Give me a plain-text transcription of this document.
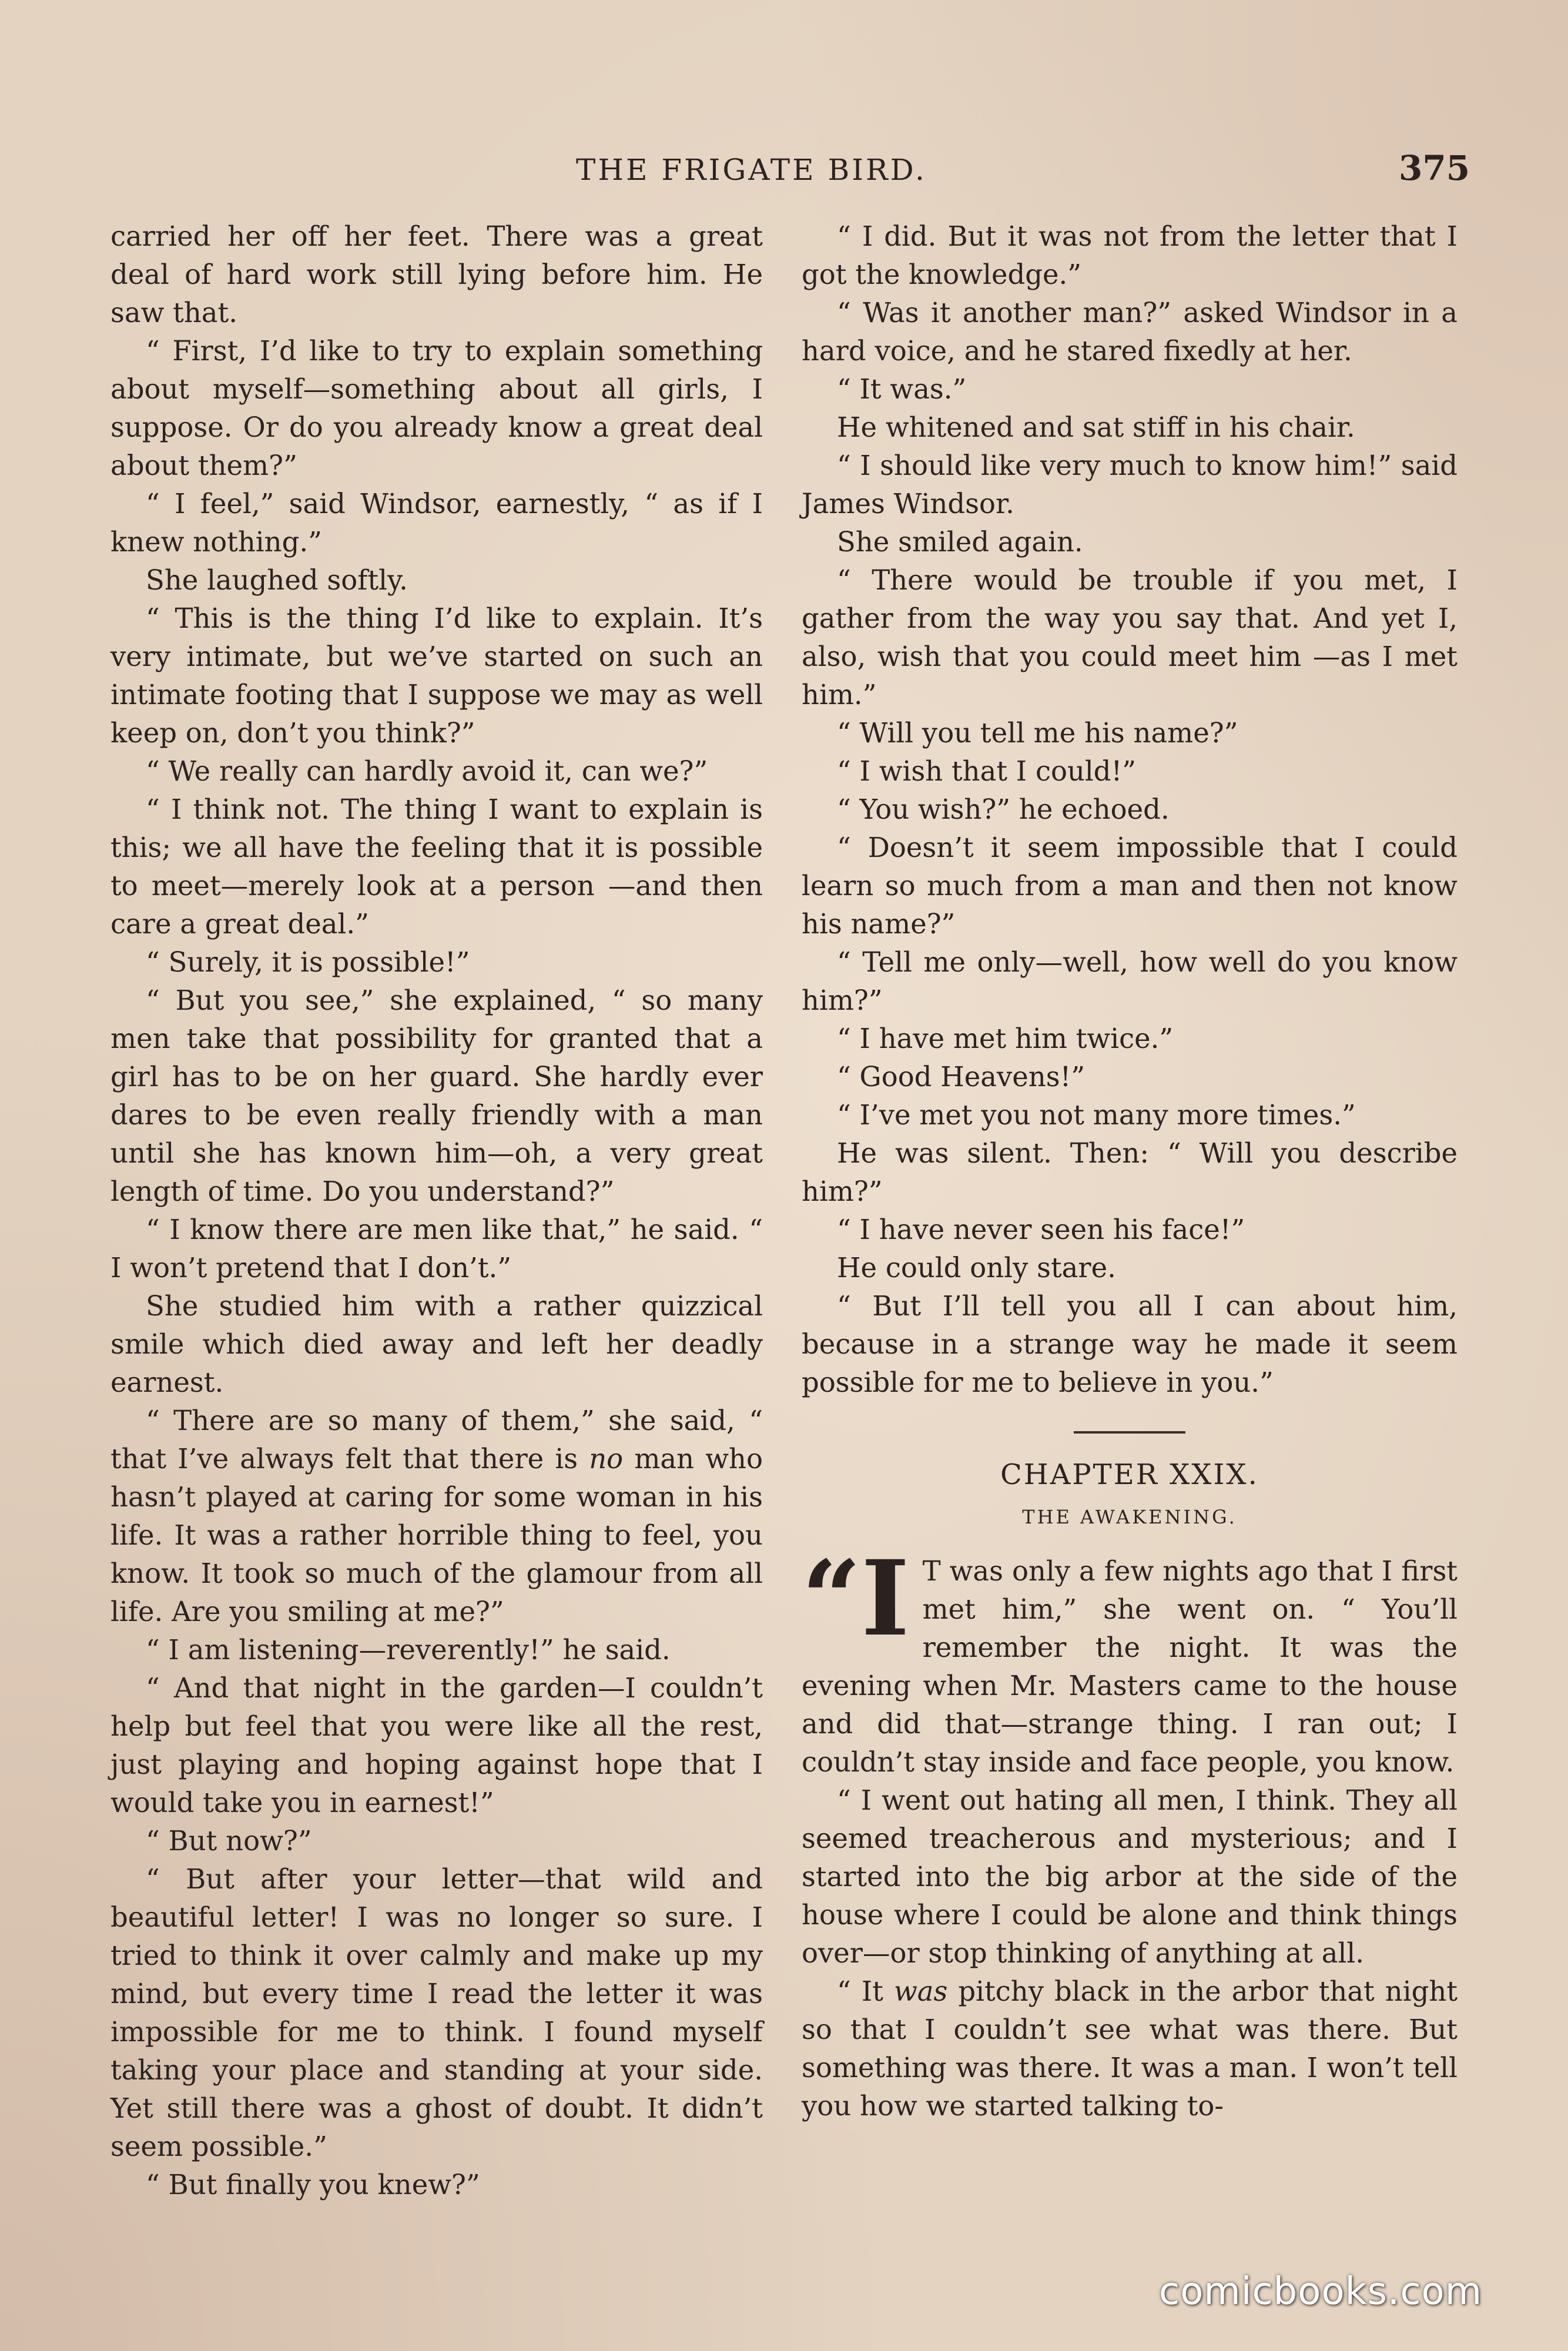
THE FRIGATE BIRD.	375

carried her off her feet. There was a great deal of hard work still lying before him. He saw that.

“ First, I’d like to try to explain something about myself—something about all girls, I suppose. Or do you already know a great deal about them?”

“ I feel,” said Windsor, earnestly, “ as if I knew nothing.”

She laughed softly.

“ This is the thing I’d like to explain. It’s very intimate, but we’ve started on such an intimate footing that I suppose we may as well keep on, don’t you think?”

“ We really can hardly avoid it, can we?”

“ I think not. The thing I want to explain is this; we all have the feeling that it is possible to meet—merely look at a person —and then care a great deal.”

“ Surely, it is possible!”

“ But you see,” she explained, “ so many men take that possibility for granted that a girl has to be on her guard. She hardly ever dares to be even really friendly with a man until she has known him—oh, a very great length of time. Do you understand?”

“ I know there are men like that,” he said. “ I won’t pretend that I don’t.”

She studied him with a rather quizzical smile which died away and left her deadly earnest.

“ There are so many of them,” she said, “ that I’ve always felt that there is no man who hasn’t played at caring for some woman in his life. It was a rather horrible thing to feel, you know. It took so much of the glamour from all life. Are you smiling at me?”

“ I am listening—reverently!” he said.

“ And that night in the garden—I couldn’t help but feel that you were like all the rest, just playing and hoping against hope that I would take you in earnest!”

“ But now?”

“ But after your letter—that wild and beautiful letter! I was no longer so sure. I tried to think it over calmly and make up my mind, but every time I read the letter it was impossible for me to think. I found myself taking your place and standing at your side. Yet still there was a ghost of doubt. It didn’t seem possible.”

“ But finally you knew?”

“ I did. But it was not from the letter that I got the knowledge.”

“ Was it another man?” asked Windsor in a hard voice, and he stared fixedly at her.

“ It was.”

He whitened and sat stiff in his chair.

“ I should like very much to know him!” said James Windsor.

She smiled again.

“ There would be trouble if you met, I gather from the way you say that. And yet I, also, wish that you could meet him —as I met him.”

“ Will you tell me his name?”

“ I wish that I could!”

“ You wish?” he echoed.

“ Doesn’t it seem impossible that I could learn so much from a man and then not know his name?”

“ Tell me only—well, how well do you know him?”

“ I have met him twice.”

“ Good Heavens!”

“ I’ve met you not many more times.”

He was silent. Then: “ Will you describe him?”

“ I have never seen his face!”

He could only stare.

“ But I’ll tell you all I can about him, because in a strange way he made it seem possible for me to believe in you.”

CHAPTER XXIX.
THE AWAKENING.

“I T was only a few nights ago that I first met him,” she went on. “ You’ll remember the night. It was the evening when Mr. Masters came to the house and did that—strange thing. I ran out; I couldn’t stay inside and face people, you know.

“ I went out hating all men, I think. They all seemed treacherous and mysterious; and I started into the big arbor at the side of the house where I could be alone and think things over—or stop thinking of anything at all.

“ It was pitchy black in the arbor that night so that I couldn’t see what was there. But something was there. It was a man. I won’t tell you how we started talking to-

comicbooks.com
